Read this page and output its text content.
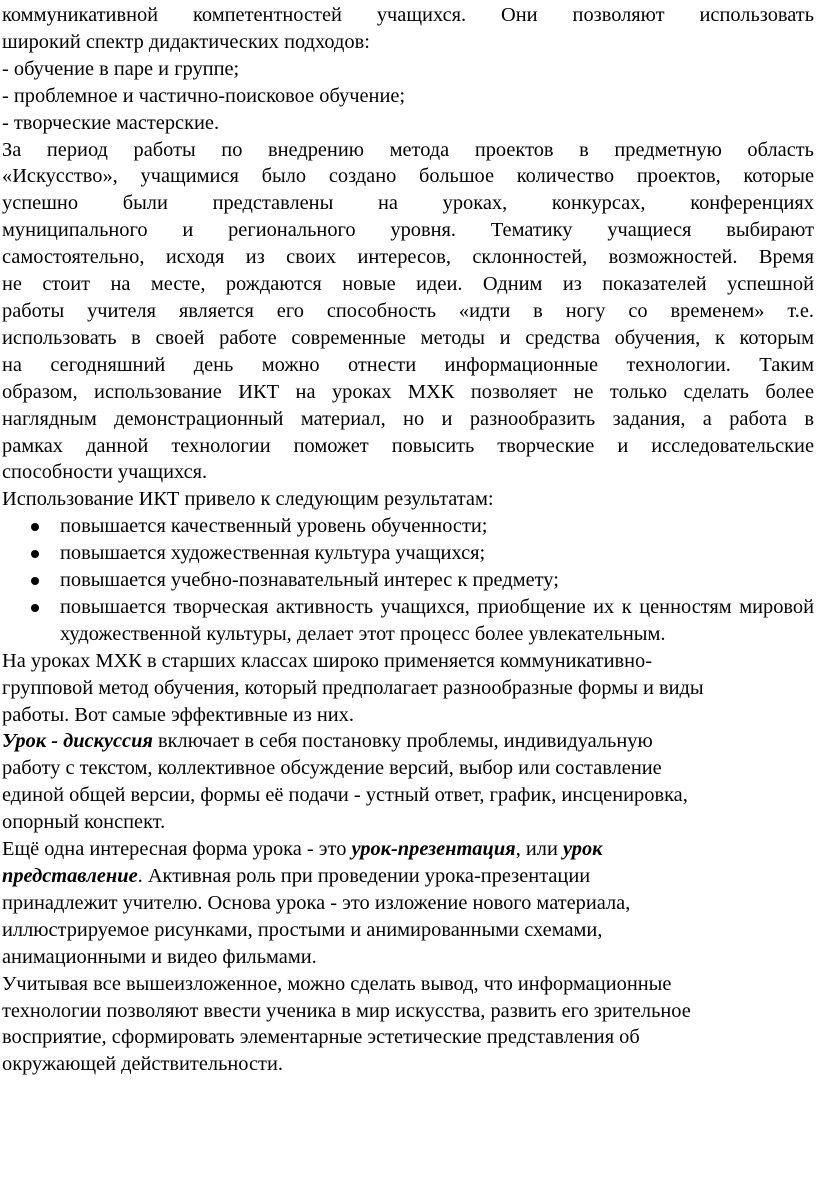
коммуникативной компетентностей учащихся. Они позволяют использовать
широкий спектр дидактических подходов:

- обучение в паре и группе;

- проблемное и частично-поисковое обучение;

- творческие мастерские.

За период работы по внедрению метода проектов в предметную область
«Искусство», учащимися было создано большое количество проектов, которые
успешно были представлены на уроках, конкурсах, конференциях
муниципального и регионального уровня. Тематику учащиеся выбирают
самостоятельно, исходя из своих интересов, склонностей, возможностей. Время
не стоит на месте, рождаются новые идеи. Одним из показателей успешной
работы учителя является его способность «идти в ногу со временем» т.е.
использовать в своей работе современные методы и средства обучения, к которым
на сегодняшний день можно отнести информационные технологии. Таким
образом, использование ИКТ на уроках МХК позволяет не только сделать более
наглядным демонстрационный материал, но и разнообразить задания, а работа в
рамках данной технологии поможет повысить творческие и исследовательские
способности учащихся.

Использование ИКТ привело к следующим результатам:

повышается качественный уровень обученности;
повышается художественная культура учащихся;
повышается учебно-познавательный интерес к предмету;
повышается творческая активность учащихся, приобщение их к ценностям мировой художественной культуры, делает этот процесс более увлекательным.

На уроках МХК в старших классах широко применяется коммуникативно-
групповой метод обучения, который предполагает разнообразные формы и виды
работы. Вот самые эффективные из них.

Урок - дискуссия включает в себя постановку проблемы, индивидуальную
работу с текстом, коллективное обсуждение версий, выбор или составление
единой общей версии, формы её подачи - устный ответ, график, инсценировка,
опорный конспект.

Ещё одна интересная форма урока - это урок-презентация, или урок
представление. Активная роль при проведении урока-презентации
принадлежит учителю. Основа урока - это изложение нового материала,
иллюстрируемое рисунками, простыми и анимированными схемами,
анимационными и видео фильмами.

Учитывая все вышеизложенное, можно сделать вывод, что информационные
технологии позволяют ввести ученика в мир искусства, развить его зрительное
восприятие, сформировать элементарные эстетические представления об
окружающей действительности.
